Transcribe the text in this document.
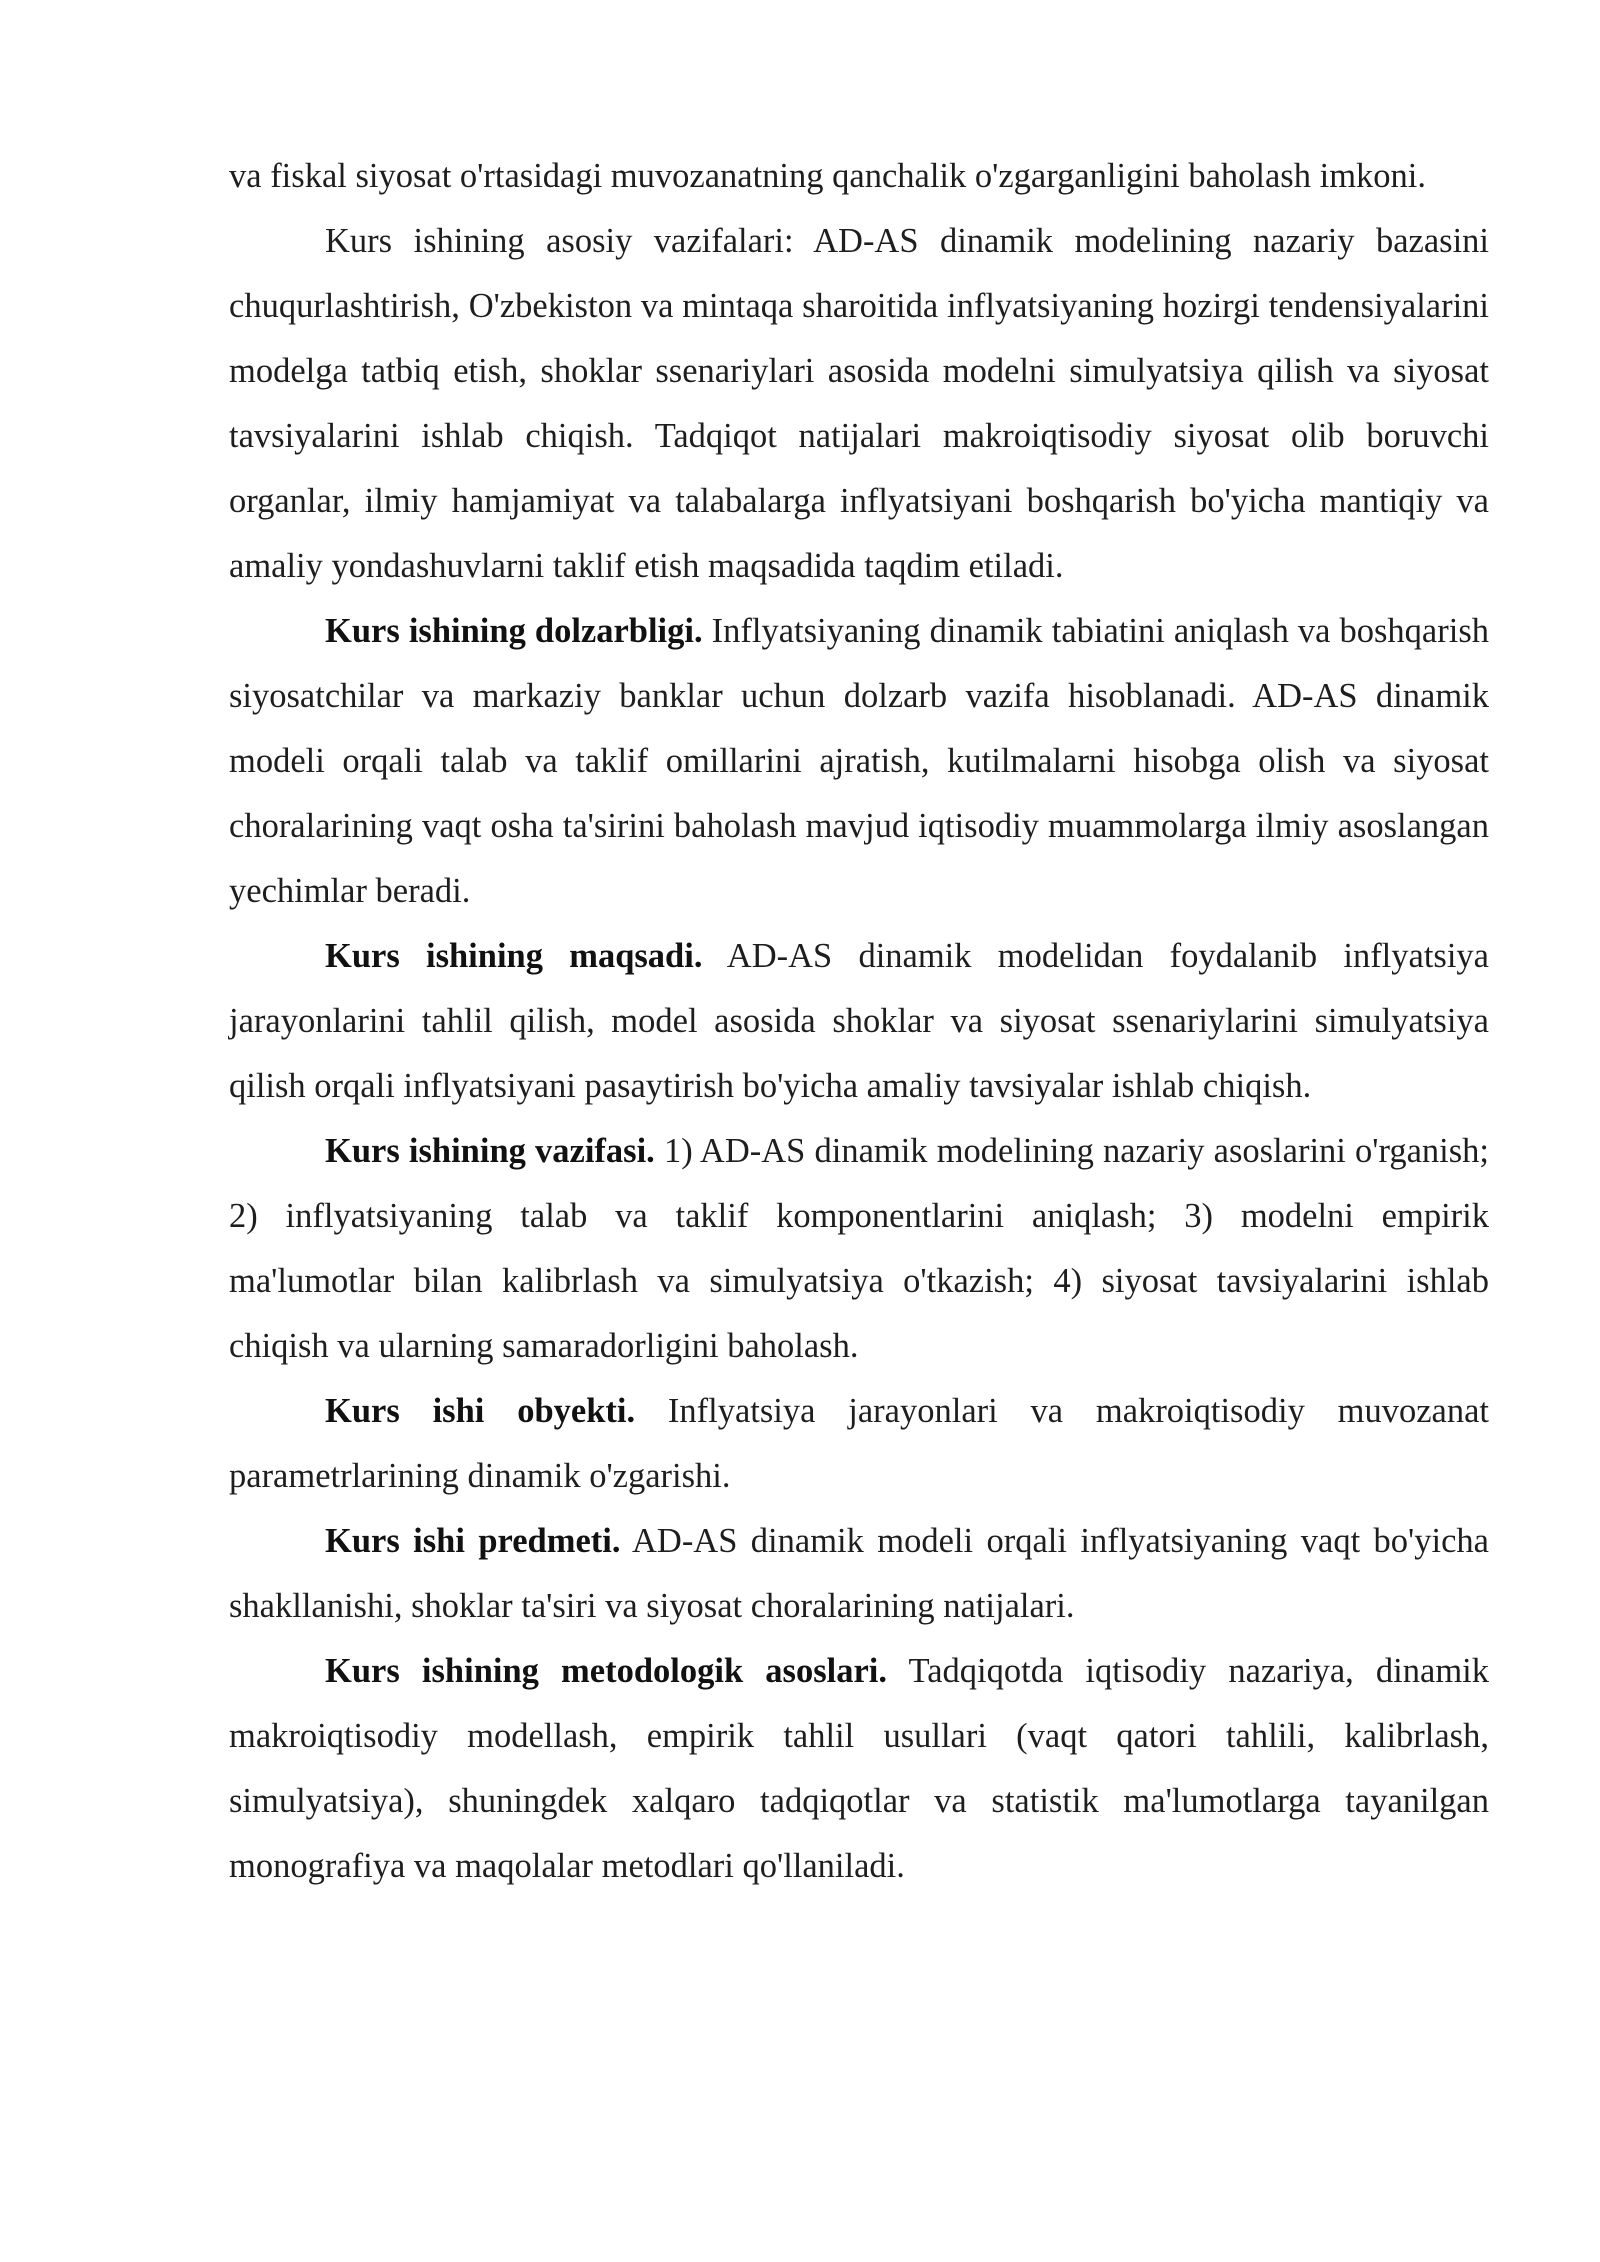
va fiskal siyosat o'rtasidagi muvozanatning qanchalik o'zgarganligini baholash imkoni.

Kurs ishining asosiy vazifalari: AD-AS dinamik modelining nazariy bazasini chuqurlashtirish, O'zbekiston va mintaqa sharoitida inflyatsiyaning hozirgi tendensiyalarini modelga tatbiq etish, shoklar ssenariylari asosida modelni simulyatsiya qilish va siyosat tavsiyalarini ishlab chiqish. Tadqiqot natijalari makroiqtisodiy siyosat olib boruvchi organlar, ilmiy hamjamiyat va talabalarga inflyatsiyani boshqarish bo'yicha mantiqiy va amaliy yondashuvlarni taklif etish maqsadida taqdim etiladi.

Kurs ishining dolzarbligi. Inflyatsiyaning dinamik tabiatini aniqlash va boshqarish siyosatchilar va markaziy banklar uchun dolzarb vazifa hisoblanadi. AD-AS dinamik modeli orqali talab va taklif omillarini ajratish, kutilmalarni hisobga olish va siyosat choralarining vaqt osha ta'sirini baholash mavjud iqtisodiy muammolarga ilmiy asoslangan yechimlar beradi.

Kurs ishining maqsadi. AD-AS dinamik modelidan foydalanib inflyatsiya jarayonlarini tahlil qilish, model asosida shoklar va siyosat ssenariylarini simulyatsiya qilish orqali inflyatsiyani pasaytirish bo'yicha amaliy tavsiyalar ishlab chiqish.

Kurs ishining vazifasi. 1) AD-AS dinamik modelining nazariy asoslarini o'rganish; 2) inflyatsiyaning talab va taklif komponentlarini aniqlash; 3) modelni empirik ma'lumotlar bilan kalibrlash va simulyatsiya o'tkazish; 4) siyosat tavsiyalarini ishlab chiqish va ularning samaradorligini baholash.

Kurs ishi obyekti. Inflyatsiya jarayonlari va makroiqtisodiy muvozanat parametrlarining dinamik o'zgarishi.

Kurs ishi predmeti. AD-AS dinamik modeli orqali inflyatsiyaning vaqt bo'yicha shakllanishi, shoklar ta'siri va siyosat choralarining natijalari.

Kurs ishining metodologik asoslari. Tadqiqotda iqtisodiy nazariya, dinamik makroiqtisodiy modellash, empirik tahlil usullari (vaqt qatori tahlili, kalibrlash, simulyatsiya), shuningdek xalqaro tadqiqotlar va statistik ma'lumotlarga tayanilgan monografiya va maqolalar metodlari qo'llaniladi.
